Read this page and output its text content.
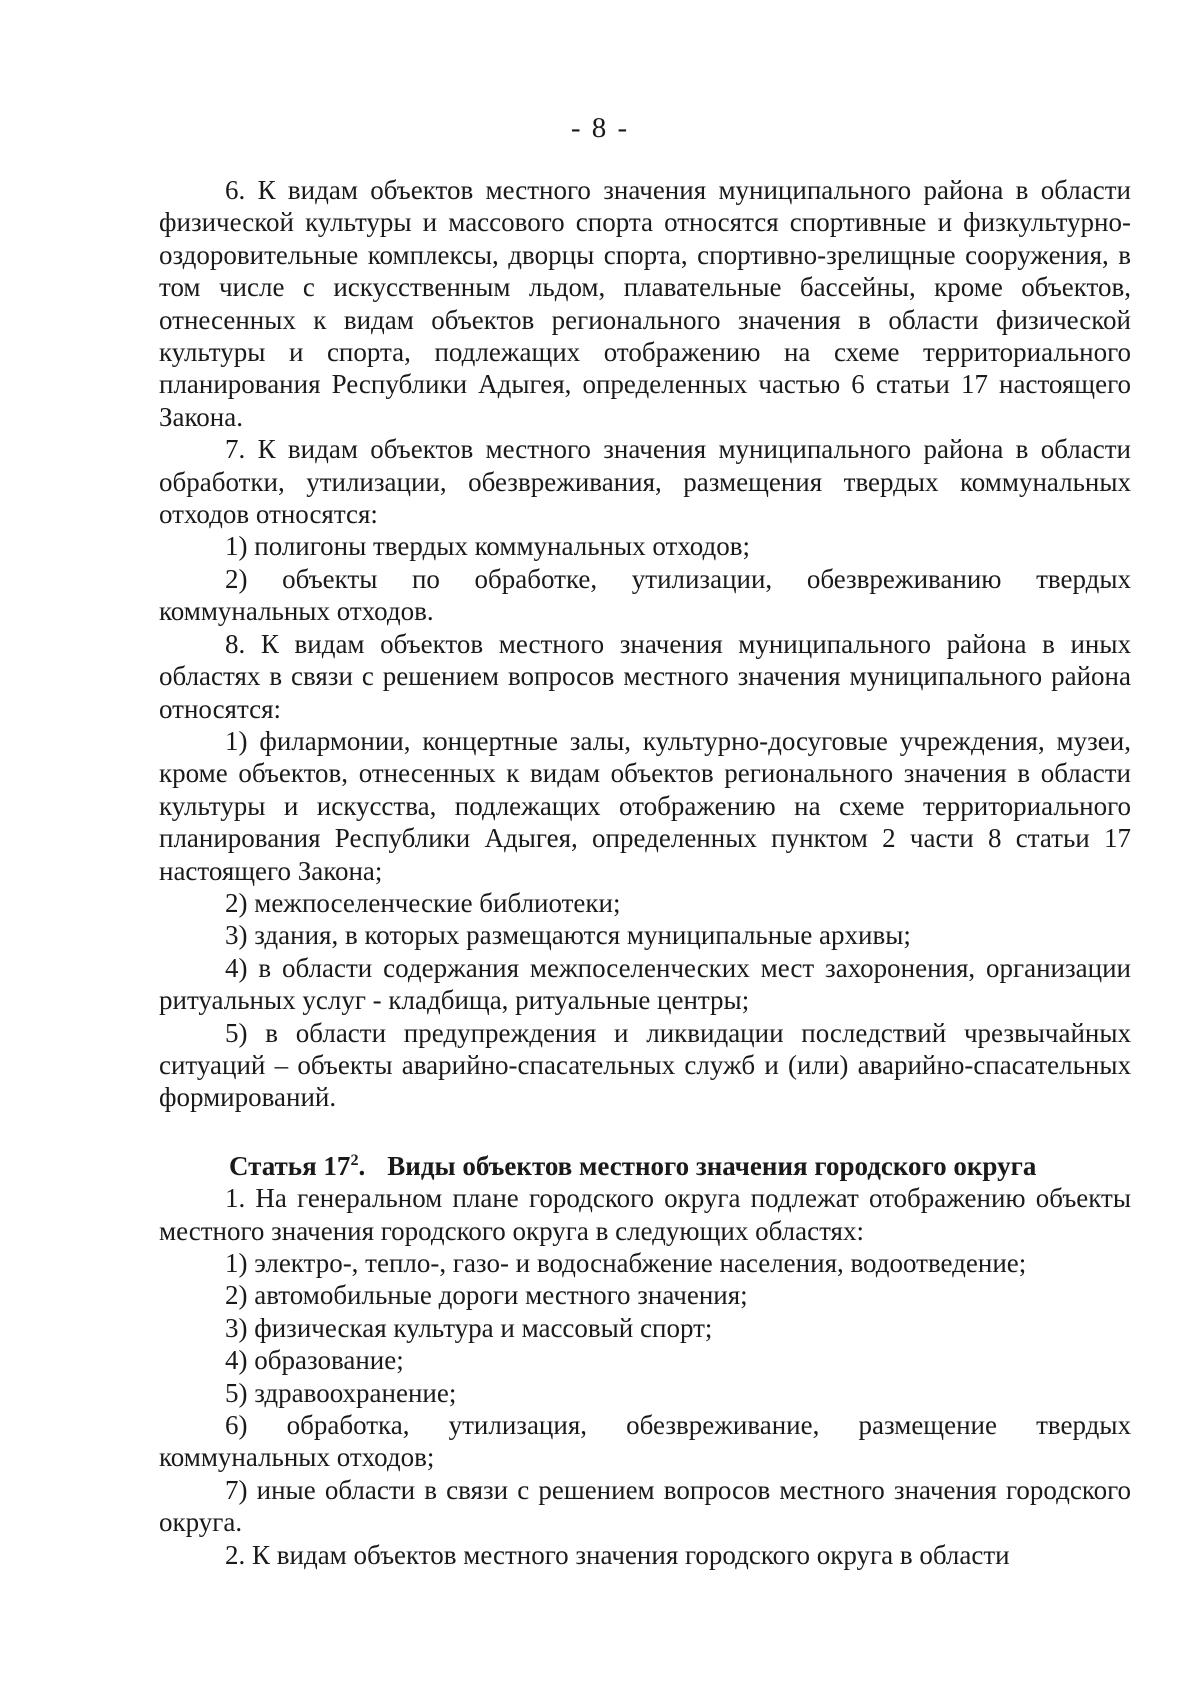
- 8 -

6. К видам объектов местного значения муниципального района в области физической культуры и массового спорта относятся спортивные и физкультурно-оздоровительные комплексы, дворцы спорта, спортивно-зрелищные сооружения, в том числе с искусственным льдом, плавательные бассейны, кроме объектов, отнесенных к видам объектов регионального значения в области физической культуры и спорта, подлежащих отображению на схеме территориального планирования Республики Адыгея, определенных частью 6 статьи 17 настоящего Закона.

7. К видам объектов местного значения муниципального района в области обработки, утилизации, обезвреживания, размещения твердых коммунальных отходов относятся:

1) полигоны твердых коммунальных отходов;

2) объекты по обработке, утилизации, обезвреживанию твердых коммунальных отходов.

8. К видам объектов местного значения муниципального района в иных областях в связи с решением вопросов местного значения муниципального района относятся:

1) филармонии, концертные залы, культурно-досуговые учреждения, музеи, кроме объектов, отнесенных к видам объектов регионального значения в области культуры и искусства, подлежащих отображению на схеме территориального планирования Республики Адыгея, определенных пунктом 2 части 8 статьи 17 настоящего Закона;

2) межпоселенческие библиотеки;

3) здания, в которых размещаются муниципальные архивы;

4) в области содержания межпоселенческих мест захоронения, организации ритуальных услуг - кладбища, ритуальные центры;

5) в области предупреждения и ликвидации последствий чрезвычайных ситуаций – объекты аварийно-спасательных служб и (или) аварийно-спасательных формирований.

Статья $17^2$. Виды объектов местного значения городского округа

1. На генеральном плане городского округа подлежат отображению объекты местного значения городского округа в следующих областях:

1) электро-, тепло-, газо- и водоснабжение населения, водоотведение;

2) автомобильные дороги местного значения;

3) физическая культура и массовый спорт;

4) образование;

5) здравоохранение;

6) обработка, утилизация, обезвреживание, размещение твердых коммунальных отходов;

7) иные области в связи с решением вопросов местного значения городского округа.

2. К видам объектов местного значения городского округа в области
